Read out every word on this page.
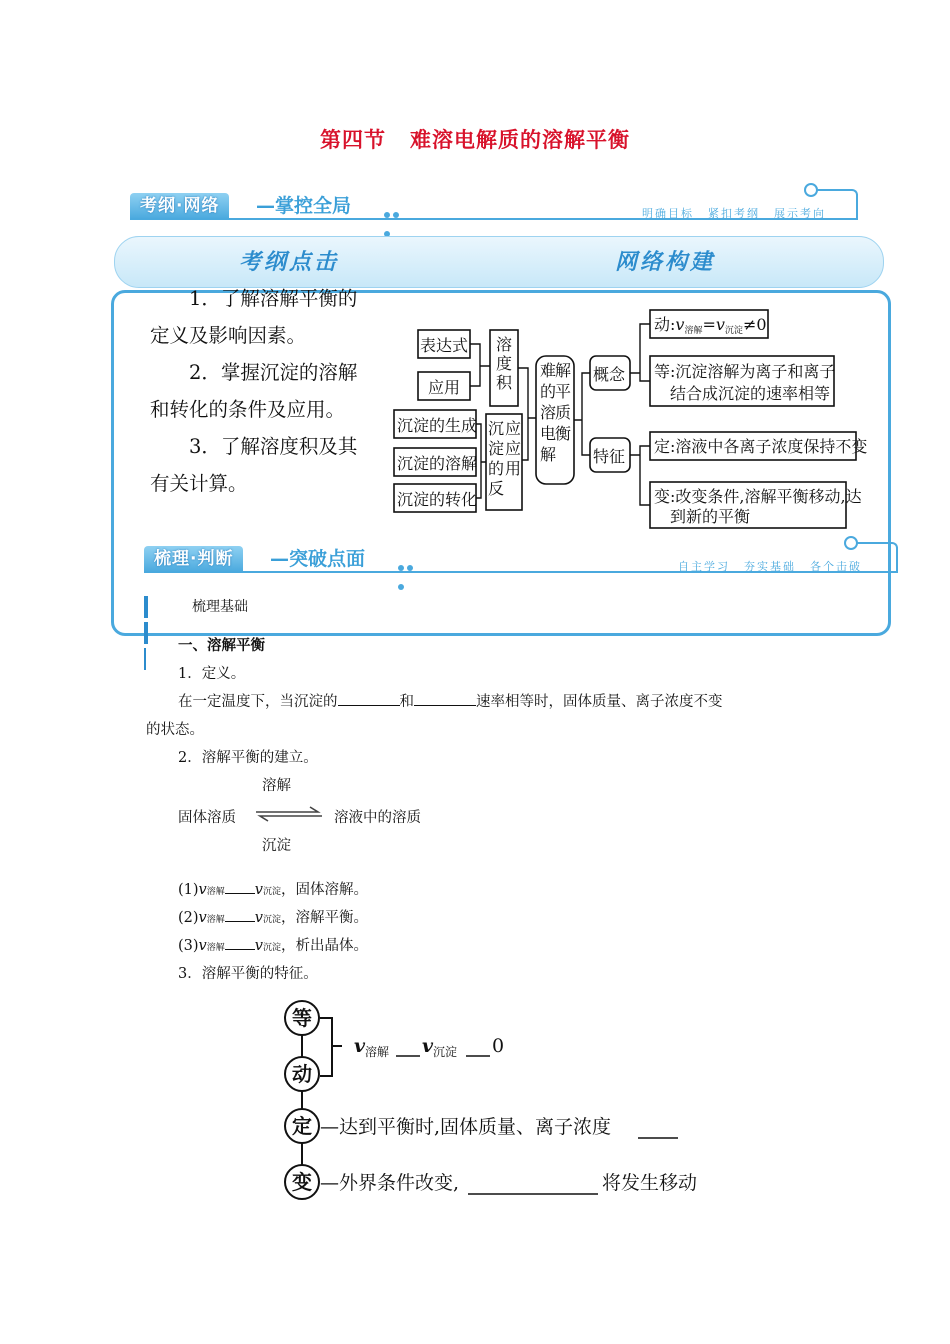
第四节 难溶电解质的溶解平衡
考纲·网络	—掌控全局	明确目标 紧扣考纲 展示考向
考纲点击	网络构建

1．了解溶解平衡的定义及影响因素。

2．掌握沉淀的溶解和转化的条件及应用。

3．了解溶度积及其有关计算。

表达式
应用
沉淀的生成
沉淀的溶解
沉淀的转化
概念
特征
动:v溶解=v沉淀≠0
等:沉淀溶解为离子和离子
结合成沉淀的速率相等
定:溶液中各离子浓度保持不变
变:改变条件,溶解平衡移动,达
到新的平衡
溶度积
沉淀的反应应用
难的溶电解解平质衡
梳理·判断	—突破点面	自主学习 夯实基础 各个击破
梳理基础
一、溶解平衡
1．定义。
在一定温度下，当沉淀的	和	速率相等时，固体质量、离子浓度不变
的状态。
2．溶解平衡的建立。
溶解
固体溶质	溶液中的溶质
沉淀
(1)v溶解 v沉淀，固体溶解。
(2)v溶解 v沉淀，溶解平衡。
(3)v溶解 v沉淀，析出晶体。
3．溶解平衡的特征。
等
动
定
变
$v_{溶解}$ $v_{沉淀}$ 0
—达到平衡时,固体质量、离子浓度
—外界条件改变,	将发生移动
